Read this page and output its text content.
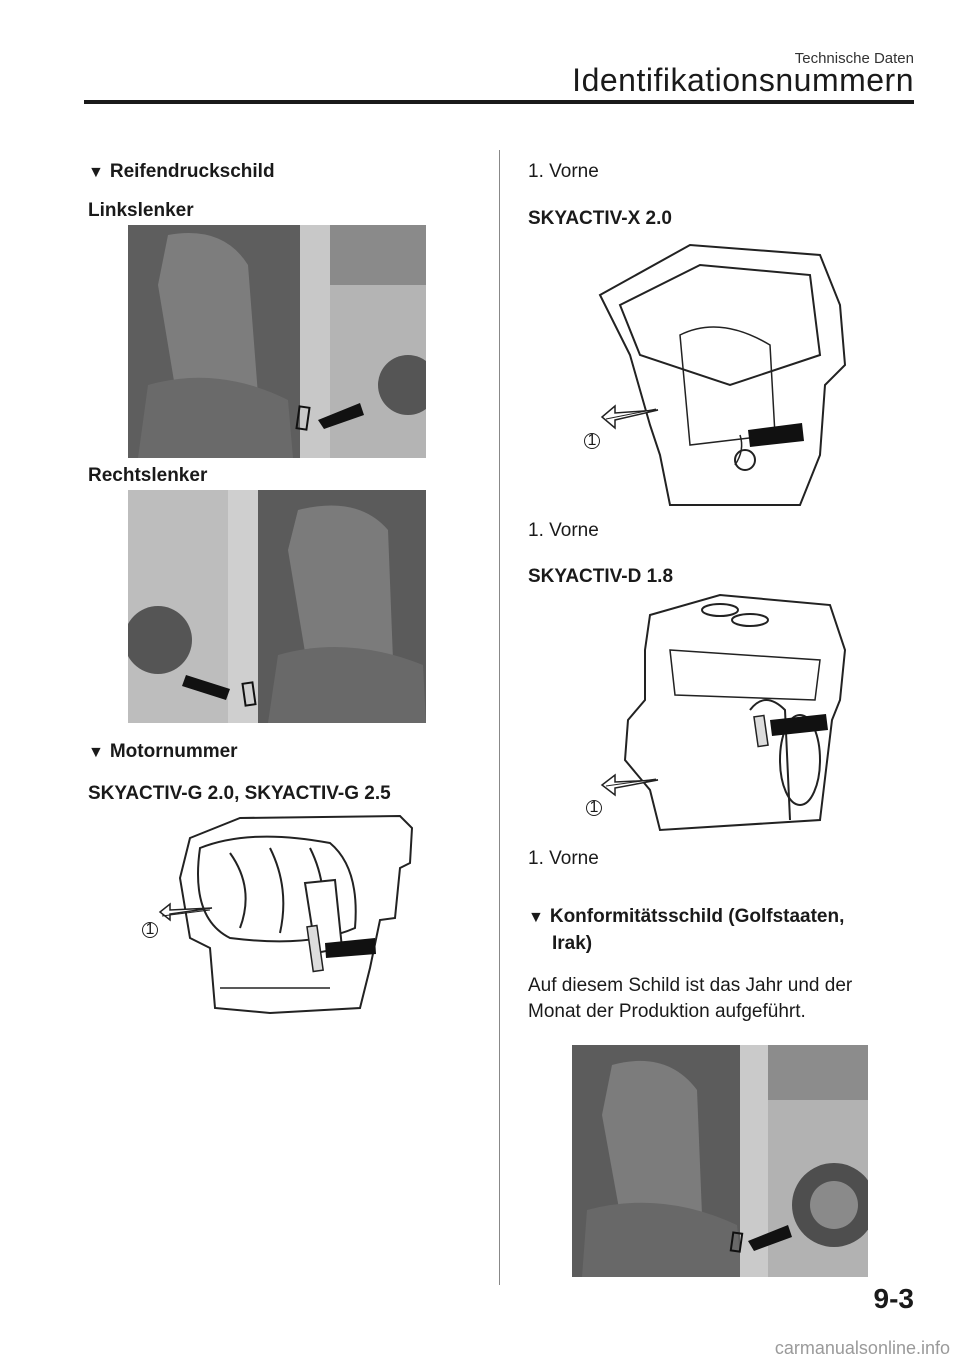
Technische Daten
Identifikationsnummern
▼ Reifendruckschild
Linkslenker
Rechtslenker
▼ Motornummer
SKYACTIV-G 2.0, SKYACTIV-G 2.5
1
1. Vorne
SKYACTIV-X 2.0
1
1. Vorne
SKYACTIV-D 1.8
1
1. Vorne
▼ Konformitätsschild (Golfstaaten,
Irak)
Auf diesem Schild ist das Jahr und der
Monat der Produktion aufgeführt.
9-3
carmanualsonline.info
